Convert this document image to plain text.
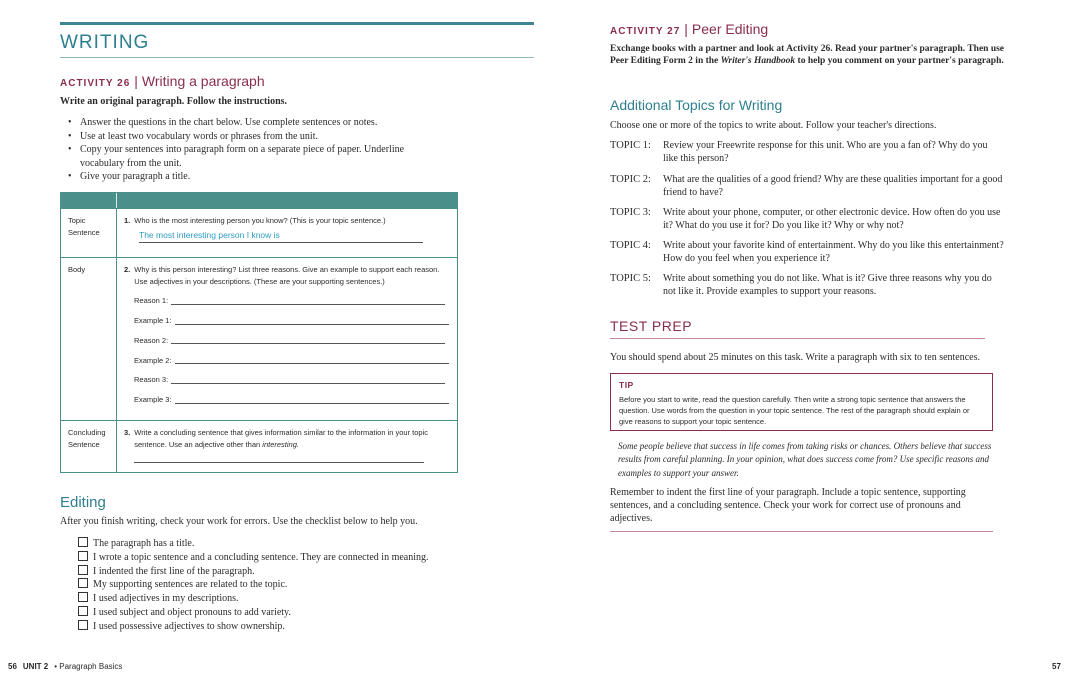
WRITING
ACTIVITY 26 | Writing a paragraph
Write an original paragraph. Follow the instructions.
• Answer the questions in the chart below. Use complete sentences or notes.
• Use at least two vocabulary words or phrases from the unit.
• Copy your sentences into paragraph form on a separate piece of paper. Underline vocabulary from the unit.
• Give your paragraph a title.
Topic Sentence
1. Who is the most interesting person you know? (This is your topic sentence.)
The most interesting person I know is
Body	2. Why is this person interesting? List three reasons. Give an example to support each reason. Use adjectives in your descriptions. (These are your supporting sentences.)
Reason 1:
Example 1:
Reason 2:
Example 2:
Reason 3:
Example 3:
Concluding Sentence
3. Write a concluding sentence that gives information similar to the information in your topic sentence. Use an adjective other than interesting.
Editing
After you finish writing, check your work for errors. Use the checklist below to help you.
The paragraph has a title.
I wrote a topic sentence and a concluding sentence. They are connected in meaning.
I indented the first line of the paragraph.
My supporting sentences are related to the topic.
I used adjectives in my descriptions.
I used subject and object pronouns to add variety.
I used possessive adjectives to show ownership.
56 UNIT 2 • Paragraph Basics
ACTIVITY 27 | Peer Editing
Exchange books with a partner and look at Activity 26. Read your partner's paragraph. Then use Peer Editing Form 2 in the Writer's Handbook to help you comment on your partner's paragraph.
Additional Topics for Writing
Choose one or more of the topics to write about. Follow your teacher's directions.
TOPIC 1: Review your Freewrite response for this unit. Who are you a fan of? Why do you like this person?
TOPIC 2: What are the qualities of a good friend? Why are these qualities important for a good friend to have?
TOPIC 3: Write about your phone, computer, or other electronic device. How often do you use it? What do you use it for? Do you like it? Why or why not?
TOPIC 4: Write about your favorite kind of entertainment. Why do you like this entertainment? How do you feel when you experience it?
TOPIC 5: Write about something you do not like. What is it? Give three reasons why you do not like it. Provide examples to support your reasons.
TEST PREP
You should spend about 25 minutes on this task. Write a paragraph with six to ten sentences.
TIP
Before you start to write, read the question carefully. Then write a strong topic sentence that answers the question. Use words from the question in your topic sentence. The rest of the paragraph should explain or give reasons to support your topic sentence.
Some people believe that success in life comes from taking risks or chances. Others believe that success results from careful planning. In your opinion, what does success come from? Use specific reasons and examples to support your answer.
Remember to indent the first line of your paragraph. Include a topic sentence, supporting sentences, and a concluding sentence. Check your work for correct use of pronouns and adjectives.
57
